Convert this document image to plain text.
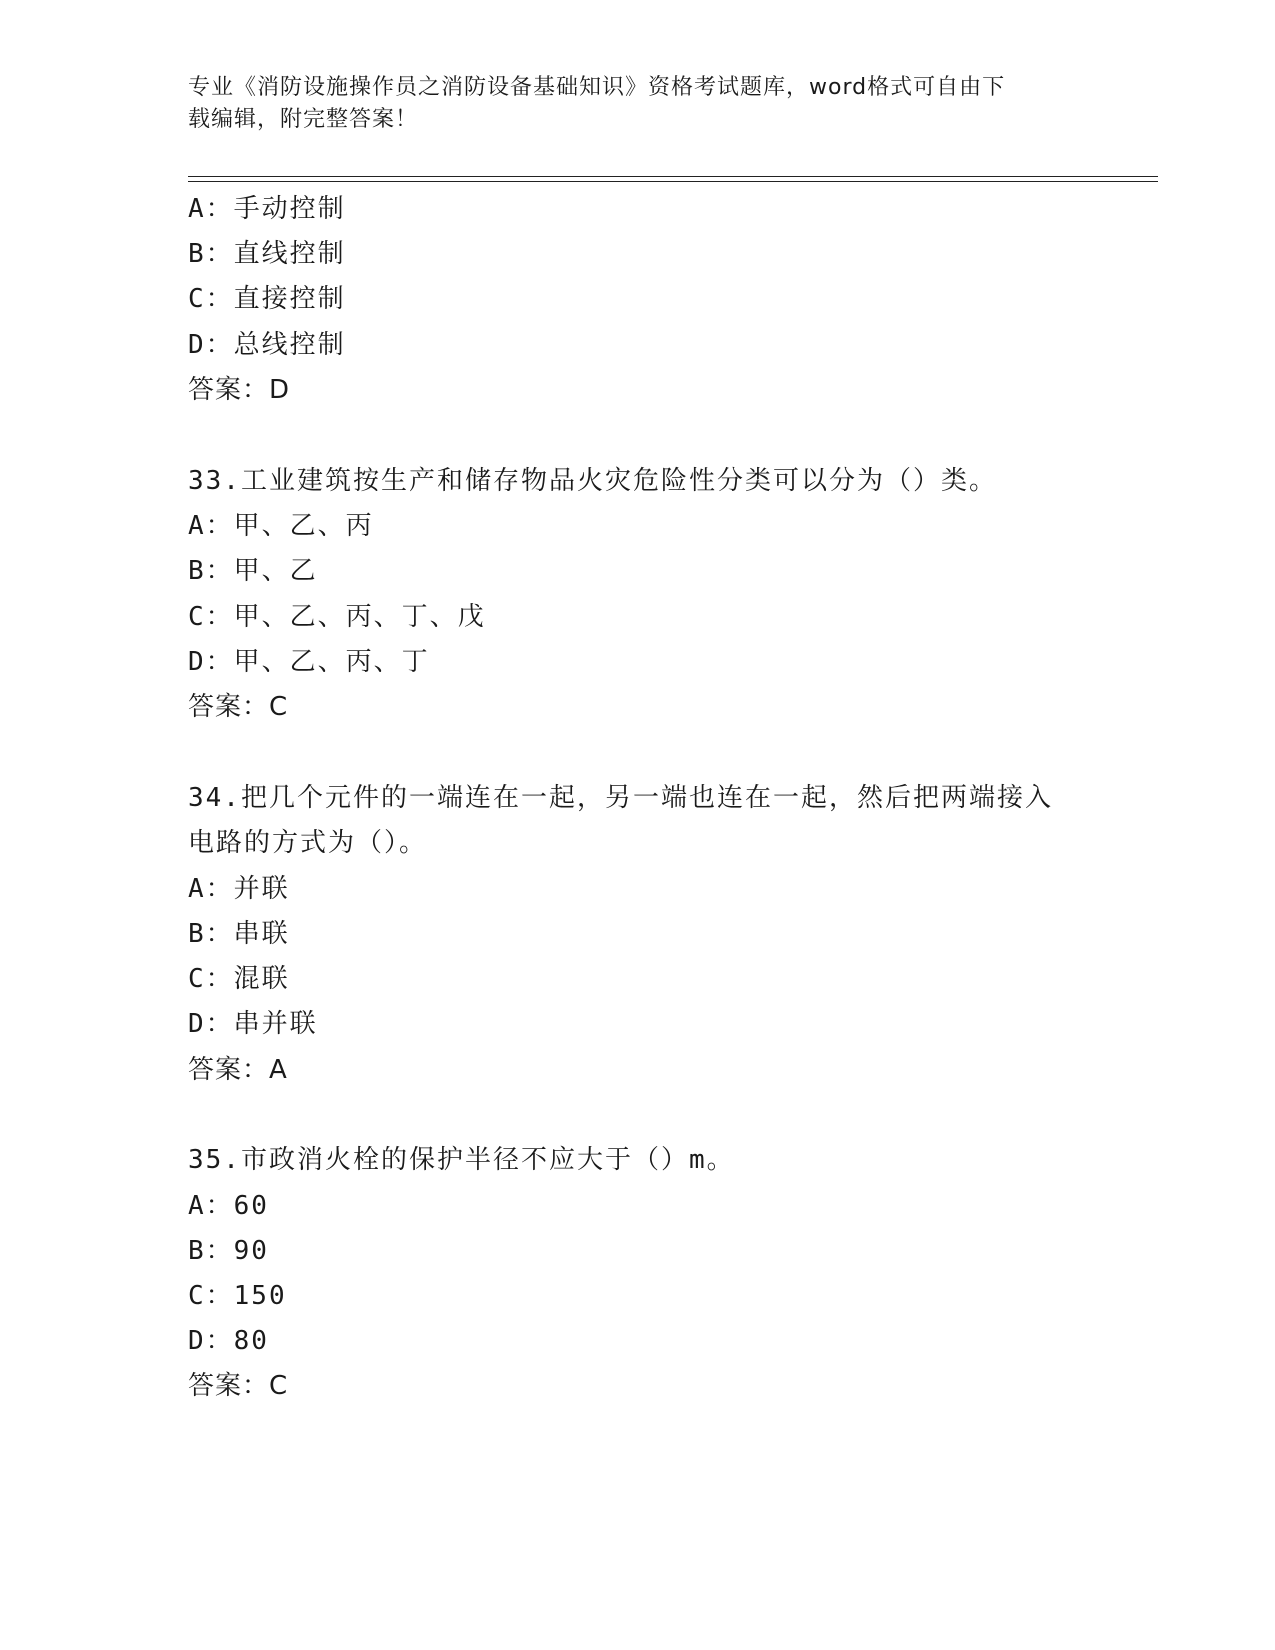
专业《消防设施操作员之消防设备基础知识》资格考试题库，word格式可自由下
载编辑，附完整答案！
A：手动控制
B：直线控制
C：直接控制
D：总线控制
答案：D
33.工业建筑按生产和储存物品火灾危险性分类可以分为（）类。
A：甲、乙、丙
B：甲、乙
C：甲、乙、丙、丁、戊
D：甲、乙、丙、丁
答案：C
34.把几个元件的一端连在一起，另一端也连在一起，然后把两端接入
电路的方式为（）。
A：并联
B：串联
C：混联
D：串并联
答案：A
35.市政消火栓的保护半径不应大于（）m。
A：60
B：90
C：150
D：80
答案：C
